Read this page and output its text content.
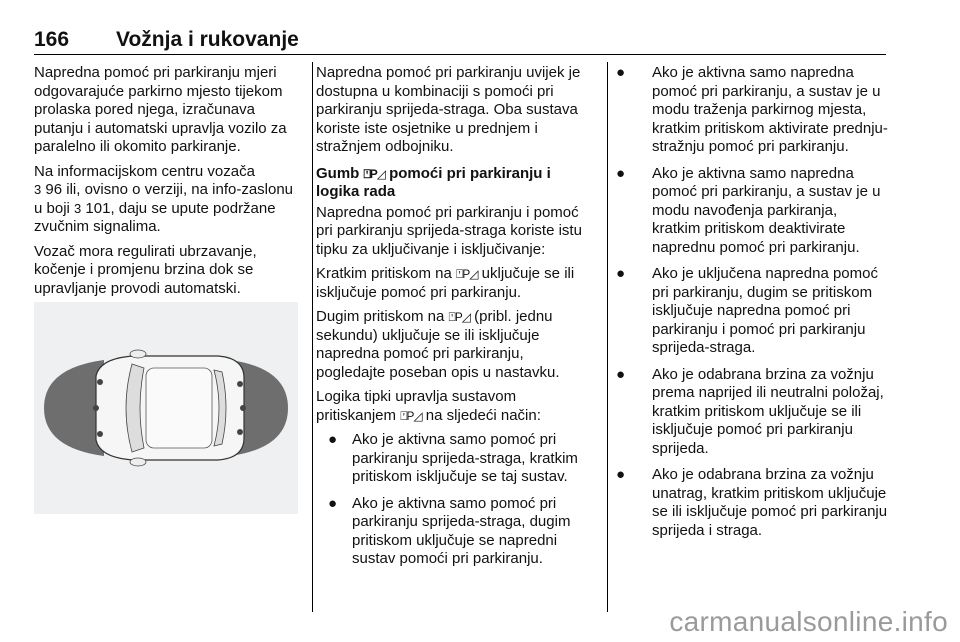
166 Vožnja i rukovanje

Napredna pomoć pri parkiranju mjeri odgovarajuće parkirno mjesto tijekom prolaska pored njega, izračunava putanju i automatski upravlja vozilo za paralelno ili okomito parkiranje.

Na informacijskom centru vozača
3 96 ili, ovisno o verziji, na info-zaslonu u boji 3 101, daju se upute podržane zvučnim signalima.

Vozač mora regulirati ubrzavanje, kočenje i promjenu brzina dok se upravljanje provodi automatski.

Napredna pomoć pri parkiranju uvijek je dostupna u kombinaciji s pomoći pri parkiranju sprijeda-straga. Oba sustava koriste iste osjetnike u prednjem i stražnjem odbojniku.

Gumb ⍞P◿ pomoći pri parkiranju i logika rada
Napredna pomoć pri parkiranju i pomoć pri parkiranju sprijeda-straga koriste istu tipku za uključivanje i isključivanje:

Kratkim pritiskom na ⍞P◿ uključuje se ili isključuje pomoć pri parkiranju.

Dugim pritiskom na ⍞P◿ (pribl. jednu sekundu) uključuje se ili isključuje napredna pomoć pri parkiranju, pogledajte poseban opis u nastavku.

Logika tipki upravlja sustavom pritiskanjem ⍞P◿ na sljedeći način:

● Ako je aktivna samo pomoć pri parkiranju sprijeda-straga, kratkim pritiskom isključuje se taj sustav.
● Ako je aktivna samo pomoć pri parkiranju sprijeda-straga, dugim pritiskom uključuje se napredni sustav pomoći pri parkiranju.
● Ako je aktivna samo napredna pomoć pri parkiranju, a sustav je u modu traženja parkirnog mjesta, kratkim pritiskom aktivirate prednju-stražnju pomoć pri parkiranju.
● Ako je aktivna samo napredna pomoć pri parkiranju, a sustav je u modu navođenja parkiranja, kratkim pritiskom deaktivirate naprednu pomoć pri parkiranju.
● Ako je uključena napredna pomoć pri parkiranju, dugim se pritiskom isključuje napredna pomoć pri parkiranju i pomoć pri parkiranju sprijeda-straga.
● Ako je odabrana brzina za vožnju prema naprijed ili neutralni položaj, kratkim pritiskom uključuje se ili isključuje pomoć pri parkiranju sprijeda.
● Ako je odabrana brzina za vožnju unatrag, kratkim pritiskom uključuje se ili isključuje pomoć pri parkiranju sprijeda i straga.
carmanualsonline.info
